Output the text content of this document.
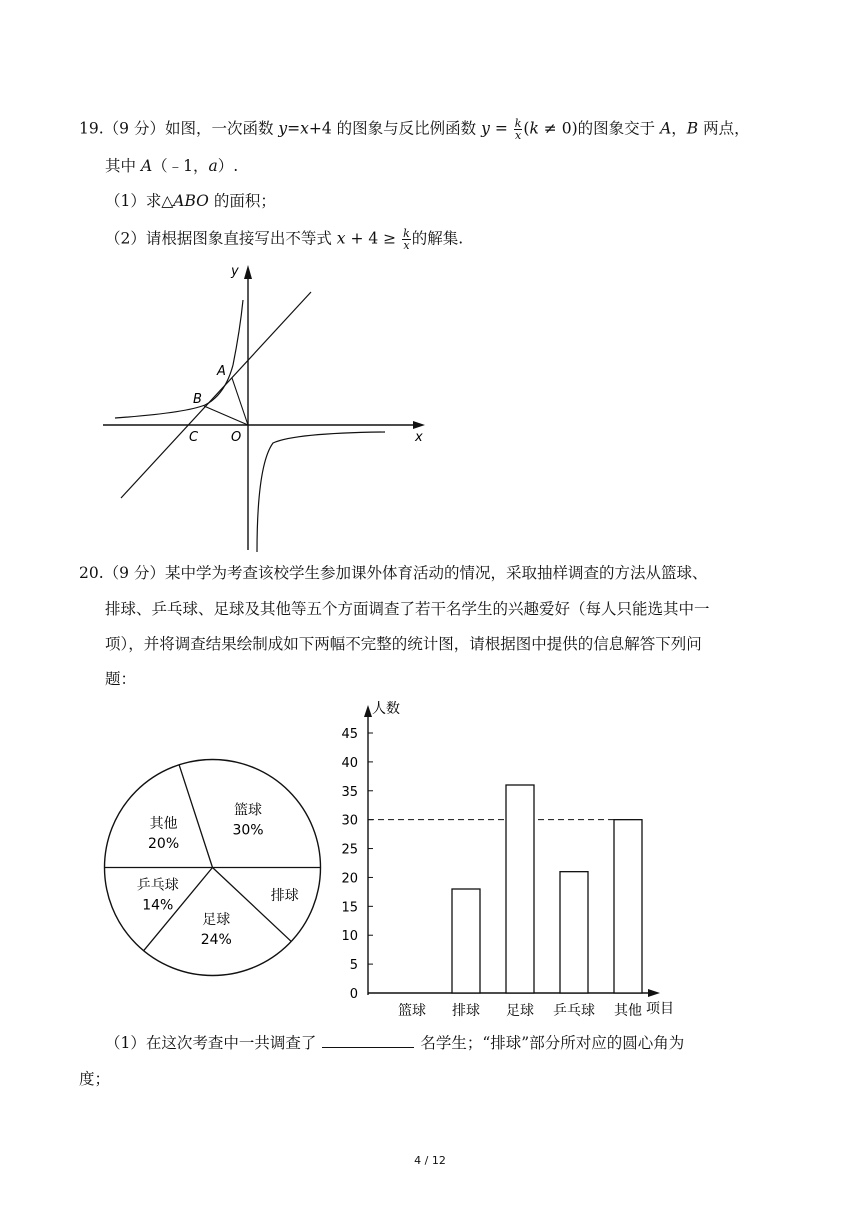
19.（9 分）如图，一次函数 y=x+4 的图象与反比例函数 $y = \frac{k}{x} (k \ne 0)$的图象交于 A，B 两点，
其中 A（﹣1，a）.
（1）求△ABO 的面积；
（2）请根据图象直接写出不等式 $x + 4 \ge \frac{k}{x}$ 的解集.
y
x
A
B
C	O
20.（9 分）某中学为考查该校学生参加课外体育活动的情况，采取抽样调查的方法从篮球、
排球、乒乓球、足球及其他等五个方面调查了若干名学生的兴趣爱好（每人只能选其中一
项），并将调查结果绘制成如下两幅不完整的统计图，请根据图中提供的信息解答下列问
题：
其他
20%
篮球
30%
排球
足球
24%
乒乓球
14%
人数
项目
0
5
10
15
20
25
30
35
40
45
篮球 排球 足球 乒乓球 其他
（1）在这次考查中一共调查了	名学生；“排球”部分所对应的圆心角为
度；
4 / 12
